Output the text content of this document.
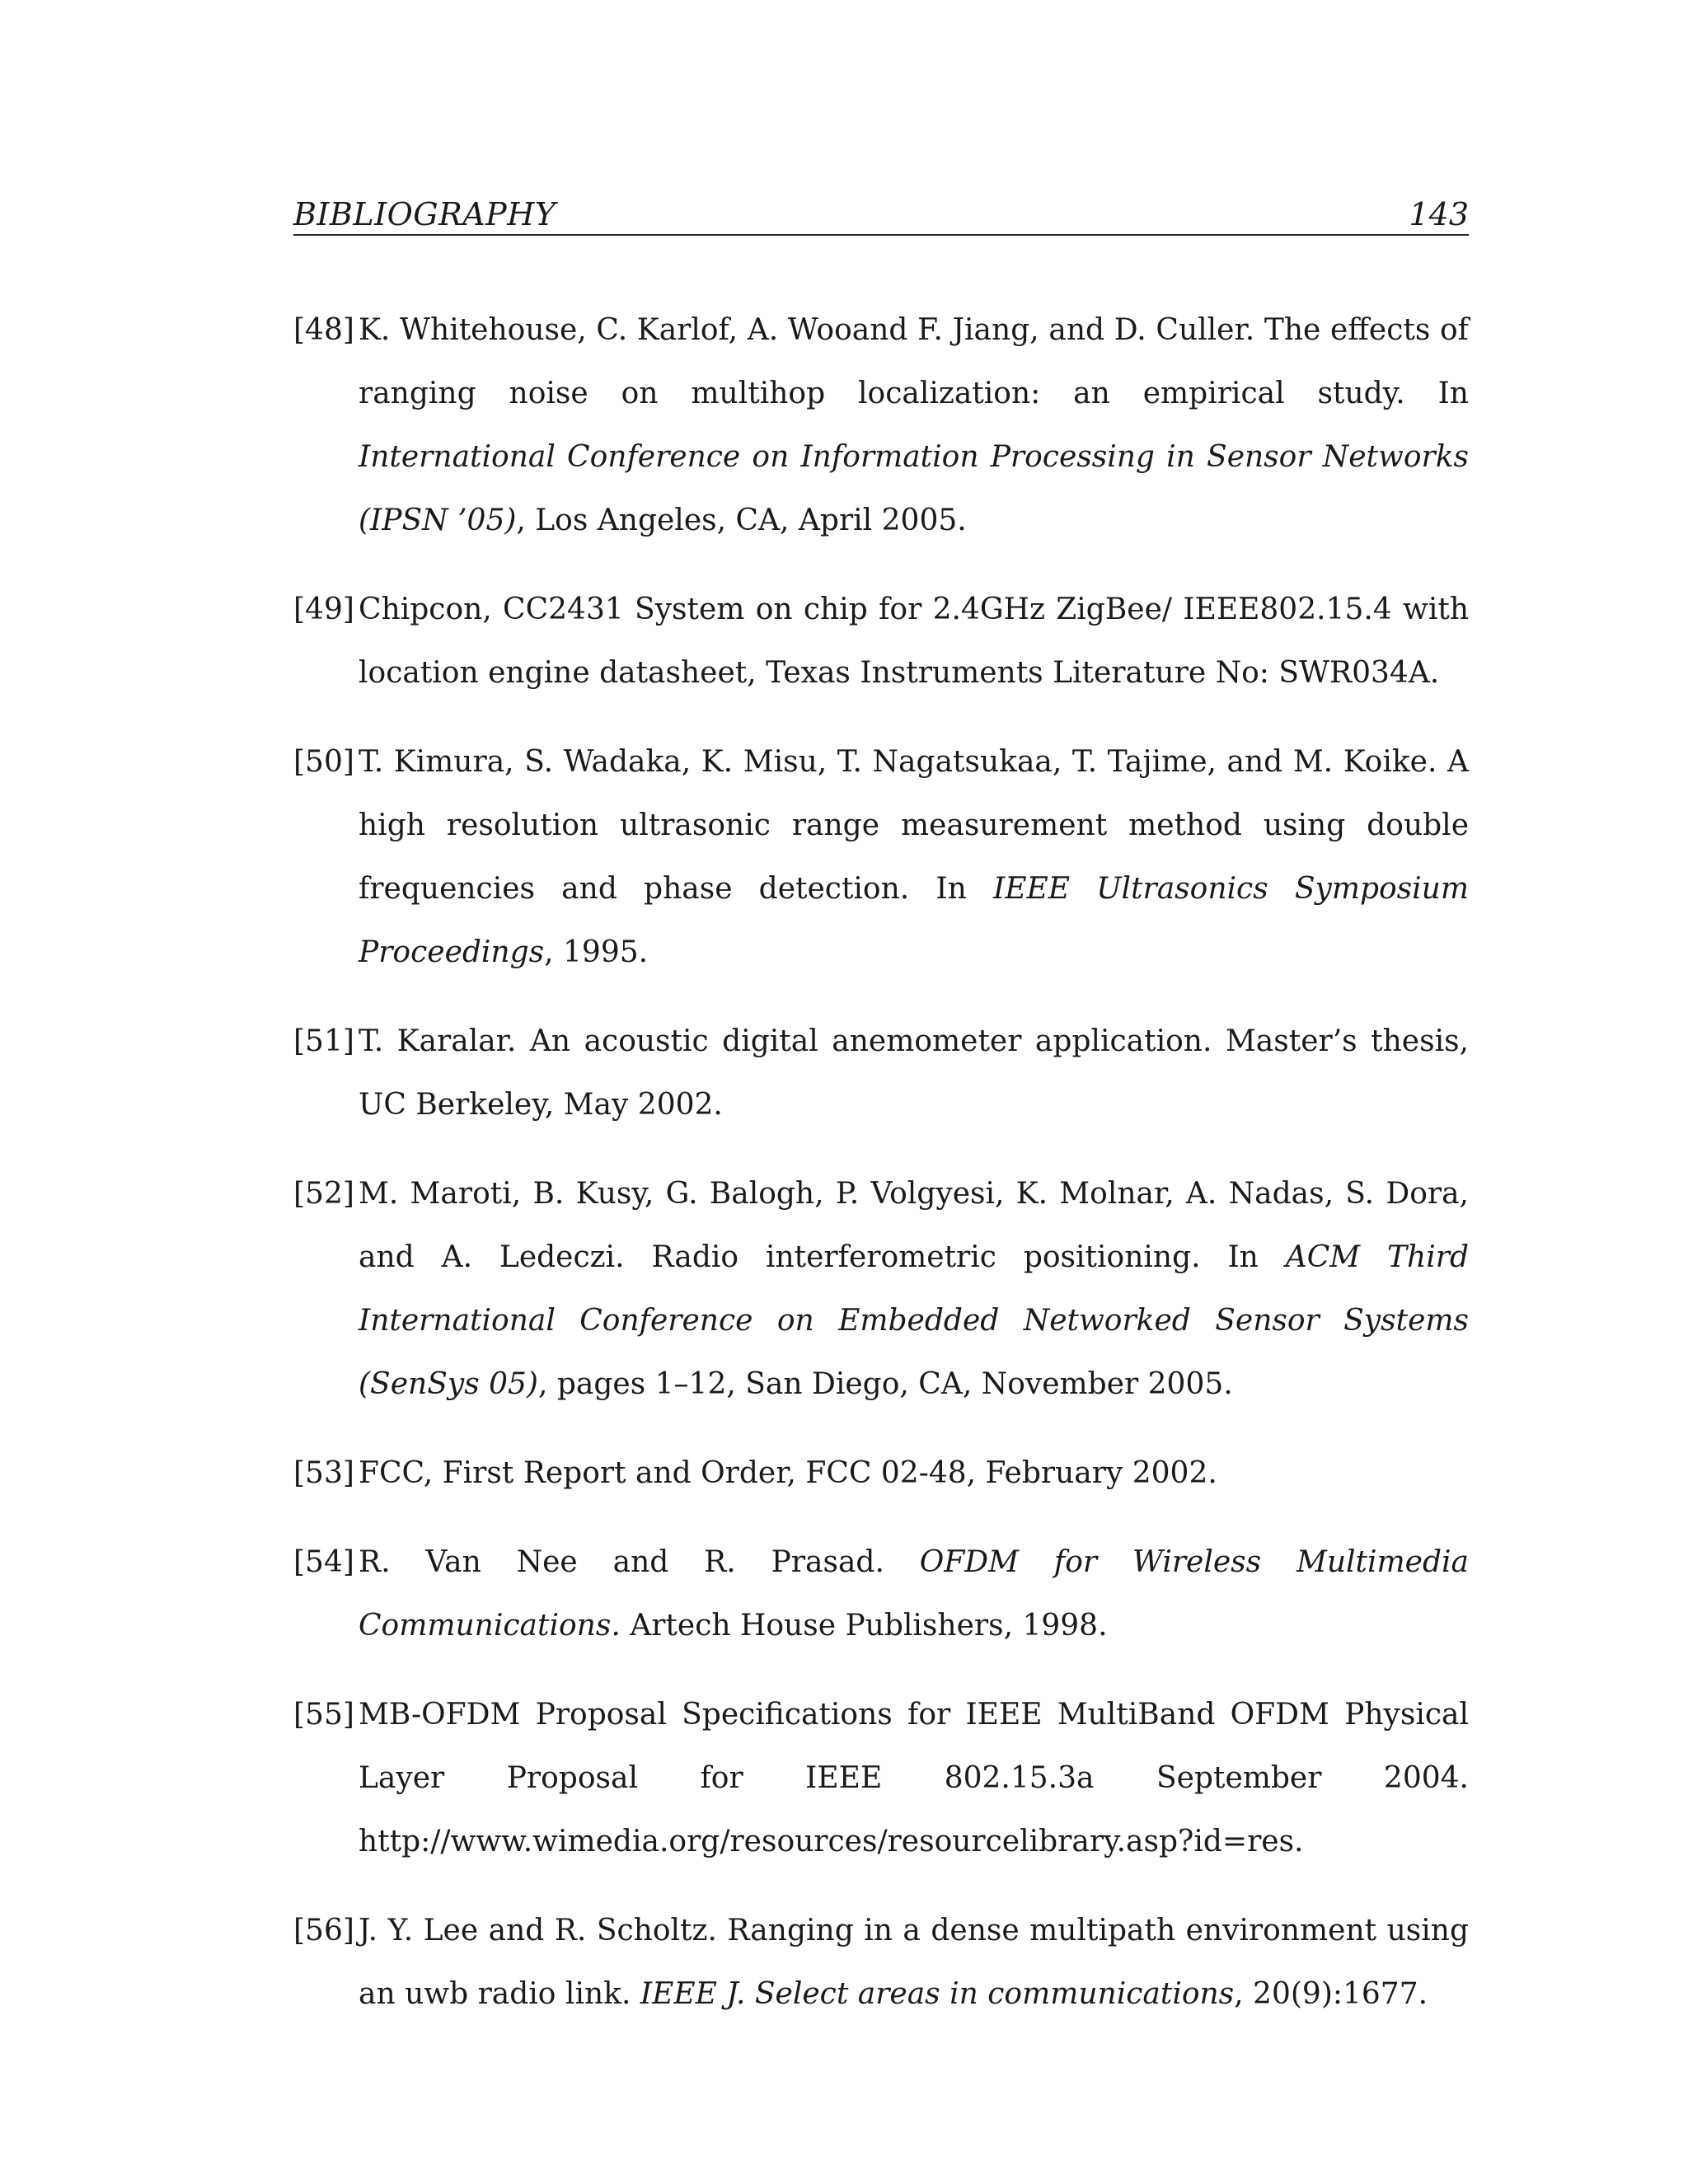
BIBLIOGRAPHY	143
[48] K. Whitehouse, C. Karlof, A. Wooand F. Jiang, and D. Culler. The effects of ranging noise on multihop localization: an empirical study. In International Conference on Information Processing in Sensor Networks (IPSN ’05), Los Angeles, CA, April 2005.
[49] Chipcon, CC2431 System on chip for 2.4GHz ZigBee/ IEEE802.15.4 with location engine datasheet, Texas Instruments Literature No: SWR034A.
[50] T. Kimura, S. Wadaka, K. Misu, T. Nagatsukaa, T. Tajime, and M. Koike. A high resolution ultrasonic range measurement method using double frequencies and phase detection. In IEEE Ultrasonics Symposium Proceedings, 1995.
[51] T. Karalar. An acoustic digital anemometer application. Master’s thesis, UC Berkeley, May 2002.
[52] M. Maroti, B. Kusy, G. Balogh, P. Volgyesi, K. Molnar, A. Nadas, S. Dora, and A. Ledeczi. Radio interferometric positioning. In ACM Third International Conference on Embedded Networked Sensor Systems (SenSys 05), pages 1–12, San Diego, CA, November 2005.
[53] FCC, First Report and Order, FCC 02-48, February 2002.
[54] R. Van Nee and R. Prasad. OFDM for Wireless Multimedia Communications. Artech House Publishers, 1998.
[55] MB-OFDM Proposal Specifications for IEEE MultiBand OFDM Physical Layer Proposal for IEEE 802.15.3a September 2004. http://www.wimedia.org/resources/resourcelibrary.asp?id=res.
[56] J. Y. Lee and R. Scholtz. Ranging in a dense multipath environment using an uwb radio link. IEEE J. Select areas in communications, 20(9):1677.
